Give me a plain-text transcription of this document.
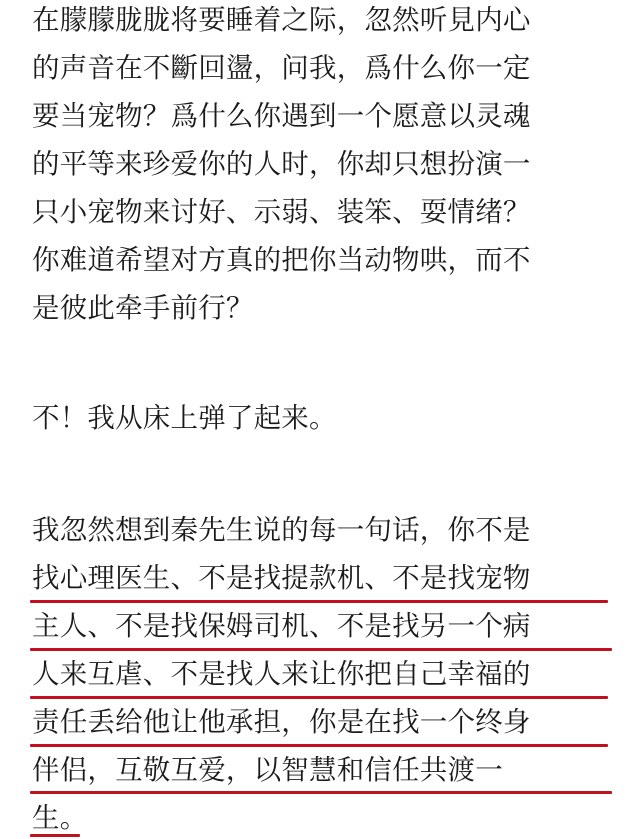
在朦朦胧胧将要睡着之际，忽然听見内心
的声音在不斷回盪，问我，爲什么你一定
要当宠物？爲什么你遇到一个愿意以灵魂
的平等来珍爱你的人时，你却只想扮演一
只小宠物来讨好、示弱、装笨、耍情绪？
你难道希望对方真的把你当动物哄，而不
是彼此牵手前行？
不！我从床上弹了起来。
我忽然想到秦先生说的每一句话，你不是
找心理医生、不是找提款机、不是找宠物
主人、不是找保姆司机、不是找另一个病
人来互虐、不是找人来让你把自己幸福的
责任丢给他让他承担，你是在找一个终身
伴侣，互敬互爱，以智慧和信任共渡一
生。
